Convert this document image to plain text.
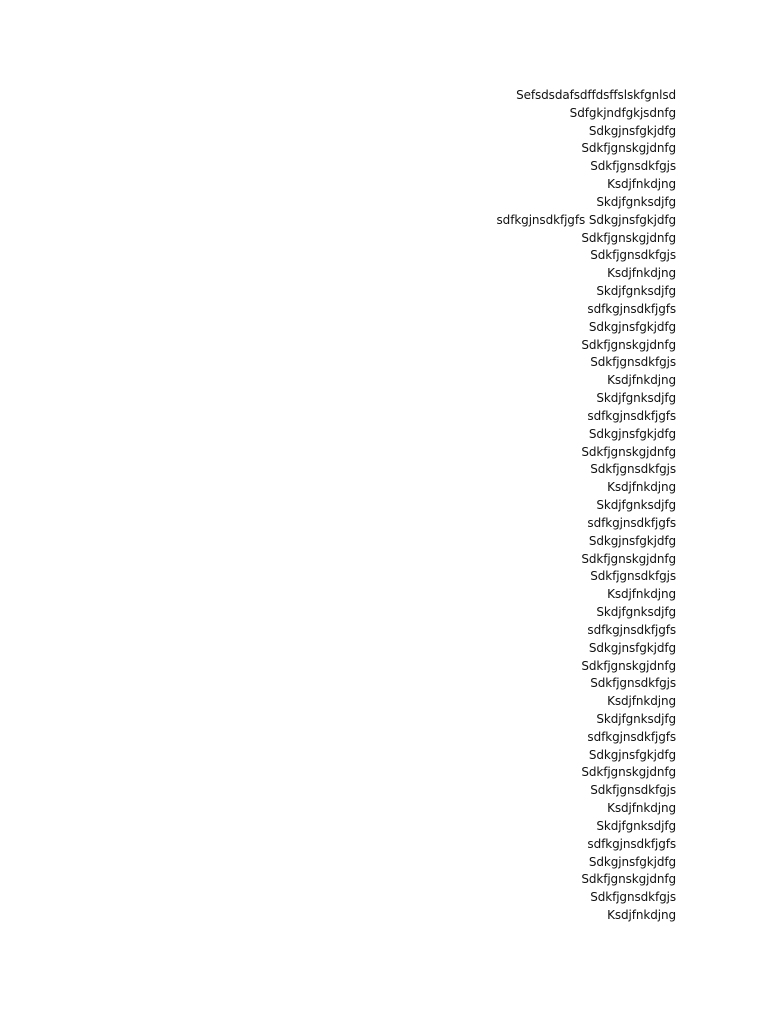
Sefsdsdafsdffdsffslskfgnlsd
Sdfgkjndfgkjsdnfg
Sdkgjnsfgkjdfg
Sdkfjgnskgjdnfg
Sdkfjgnsdkfgjs
Ksdjfnkdjng
Skdjfgnksdjfg
sdfkgjnsdkfjgfs Sdkgjnsfgkjdfg
Sdkfjgnskgjdnfg
Sdkfjgnsdkfgjs
Ksdjfnkdjng
Skdjfgnksdjfg
sdfkgjnsdkfjgfs
Sdkgjnsfgkjdfg
Sdkfjgnskgjdnfg
Sdkfjgnsdkfgjs
Ksdjfnkdjng
Skdjfgnksdjfg
sdfkgjnsdkfjgfs
Sdkgjnsfgkjdfg
Sdkfjgnskgjdnfg
Sdkfjgnsdkfgjs
Ksdjfnkdjng
Skdjfgnksdjfg
sdfkgjnsdkfjgfs
Sdkgjnsfgkjdfg
Sdkfjgnskgjdnfg
Sdkfjgnsdkfgjs
Ksdjfnkdjng
Skdjfgnksdjfg
sdfkgjnsdkfjgfs
Sdkgjnsfgkjdfg
Sdkfjgnskgjdnfg
Sdkfjgnsdkfgjs
Ksdjfnkdjng
Skdjfgnksdjfg
sdfkgjnsdkfjgfs
Sdkgjnsfgkjdfg
Sdkfjgnskgjdnfg
Sdkfjgnsdkfgjs
Ksdjfnkdjng
Skdjfgnksdjfg
sdfkgjnsdkfjgfs
Sdkgjnsfgkjdfg
Sdkfjgnskgjdnfg
Sdkfjgnsdkfgjs
Ksdjfnkdjng
